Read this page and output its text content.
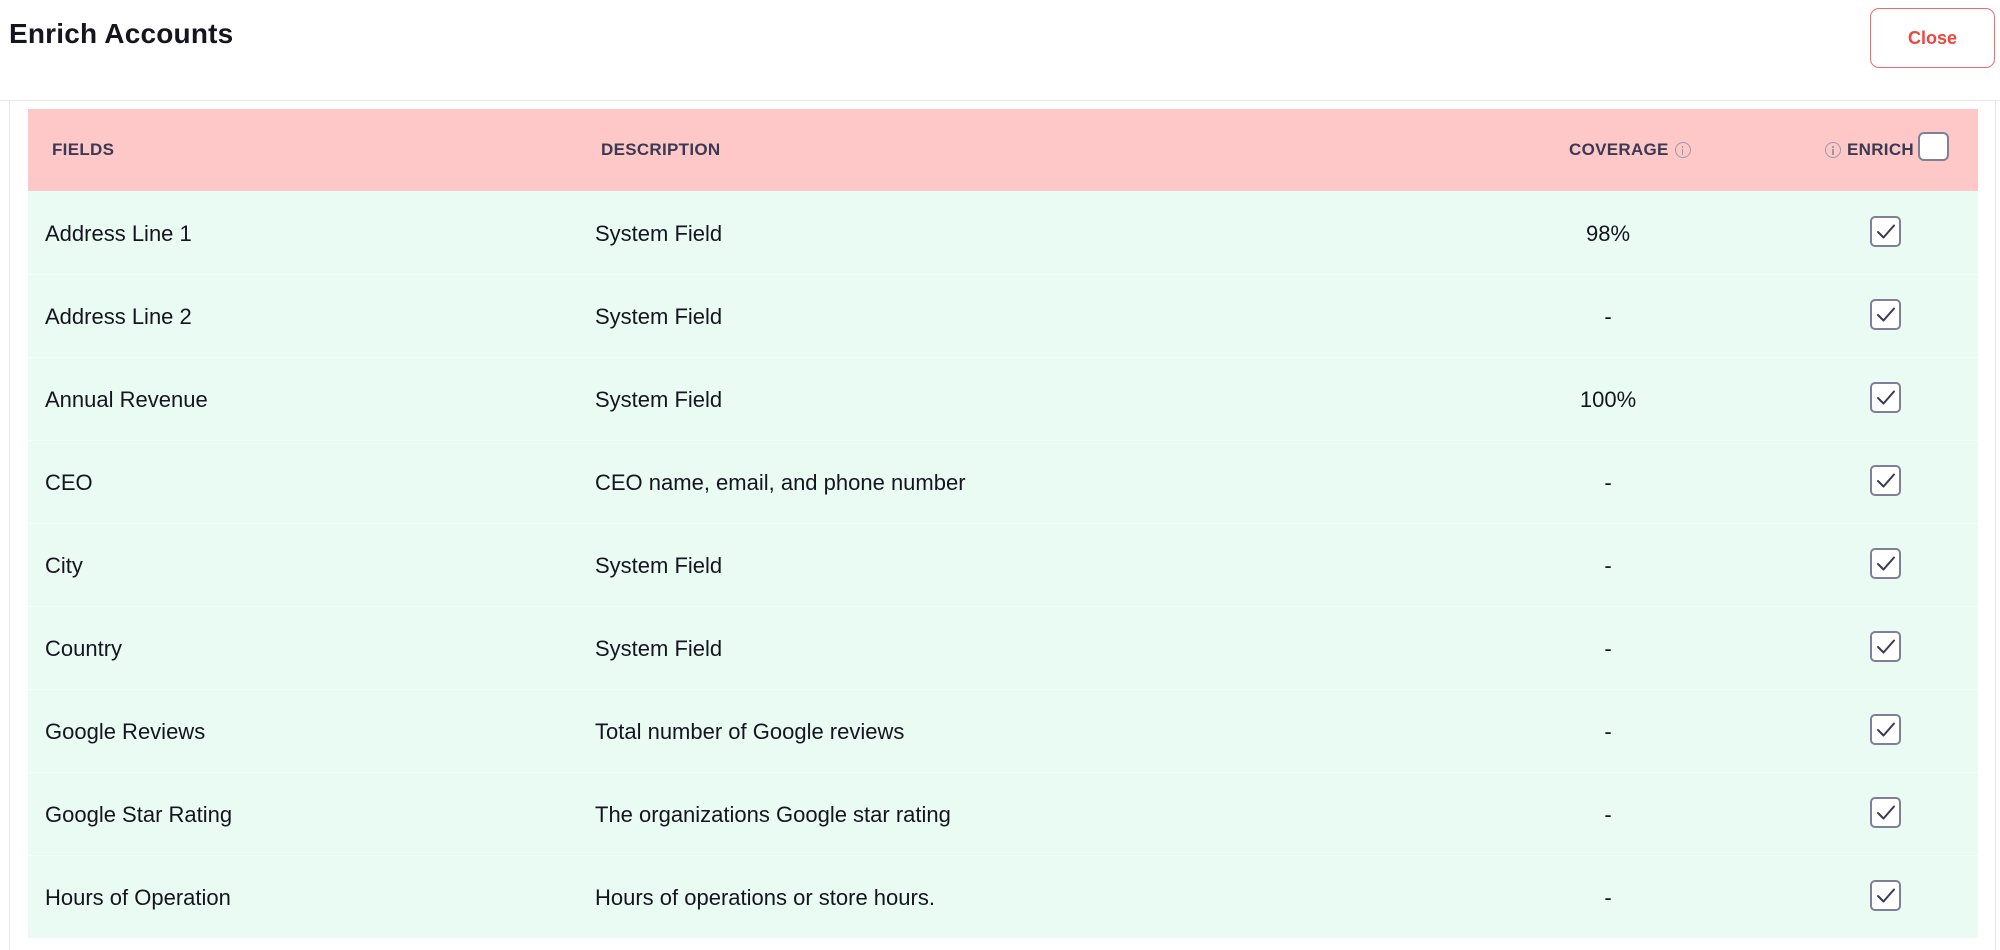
Enrich Accounts	Close
FIELDS	DESCRIPTION	COVERAGE	ENRICH
Address Line 1	System Field	98%
Address Line 2	System Field	-
Annual Revenue	System Field	100%
CEO	CEO name, email, and phone number	-
City	System Field	-
Country	System Field	-
Google Reviews	Total number of Google reviews	-
Google Star Rating	The organizations Google star rating	-
Hours of Operation	Hours of operations or store hours.	-
